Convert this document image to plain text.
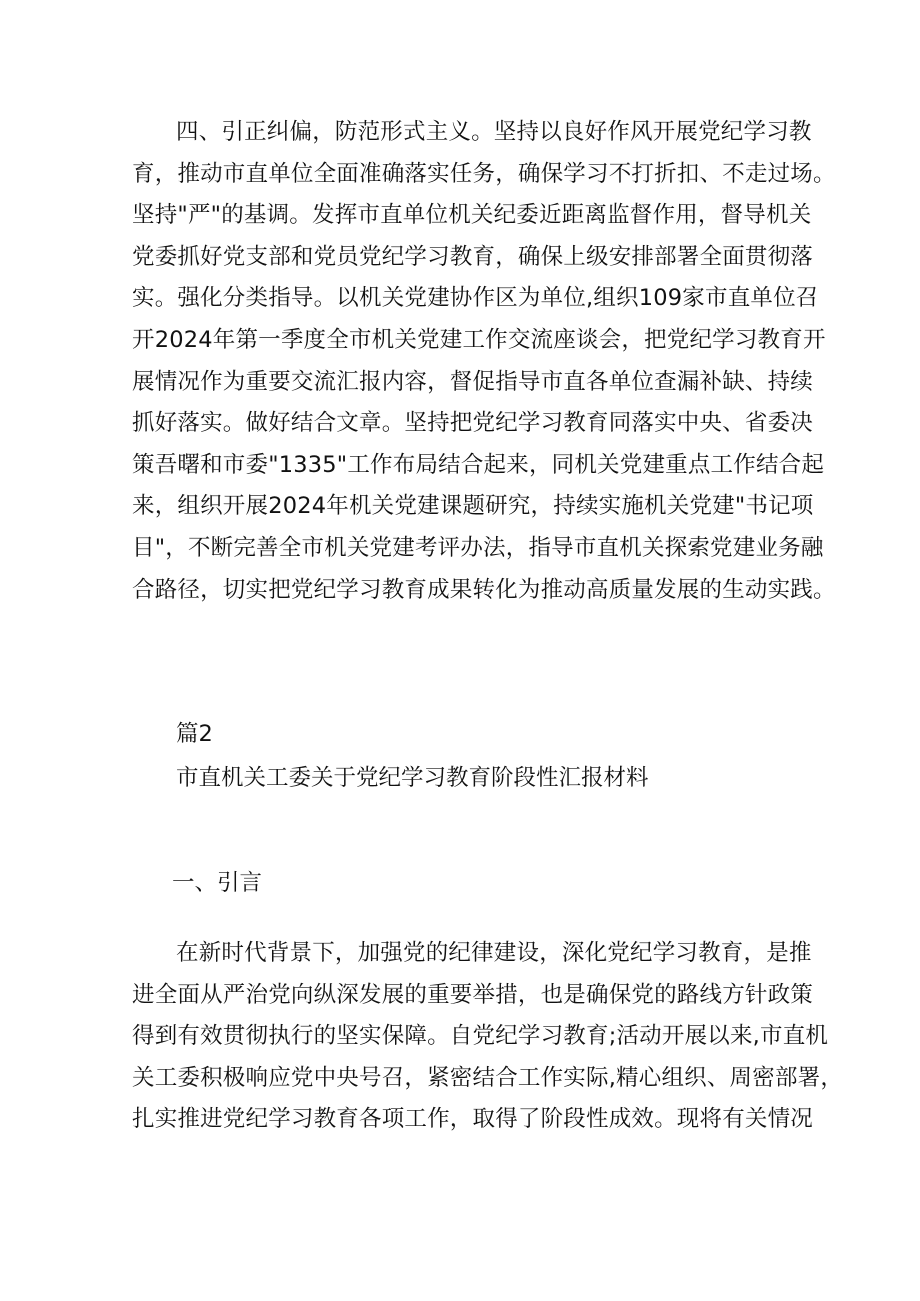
四、引正纠偏，防范形式主义。坚持以良好作风开展党纪学习教
育，推动市直单位全面准确落实任务，确保学习不打折扣、不走过场。
坚持"严"的基调。发挥市直单位机关纪委近距离监督作用，督导机关
党委抓好党支部和党员党纪学习教育，确保上级安排部署全面贯彻落
实。强化分类指导。以机关党建协作区为单位,组织109家市直单位召
开2024年第一季度全市机关党建工作交流座谈会，把党纪学习教育开
展情况作为重要交流汇报内容，督促指导市直各单位查漏补缺、持续
抓好落实。做好结合文章。坚持把党纪学习教育同落实中央、省委决
策吾曙和市委"1335"工作布局结合起来，同机关党建重点工作结合起
来，组织开展2024年机关党建课题研究，持续实施机关党建"书记项
目"，不断完善全市机关党建考评办法，指导市直机关探索党建业务融
合路径，切实把党纪学习教育成果转化为推动高质量发展的生动实践。
篇2
市直机关工委关于党纪学习教育阶段性汇报材料
一、引言
在新时代背景下，加强党的纪律建设，深化党纪学习教育，是推
进全面从严治党向纵深发展的重要举措，也是确保党的路线方针政策
得到有效贯彻执行的坚实保障。自党纪学习教育;活动开展以来,市直机
关工委积极响应党中央号召，紧密结合工作实际,精心组织、周密部署，
扎实推进党纪学习教育各项工作，取得了阶段性成效。现将有关情况
